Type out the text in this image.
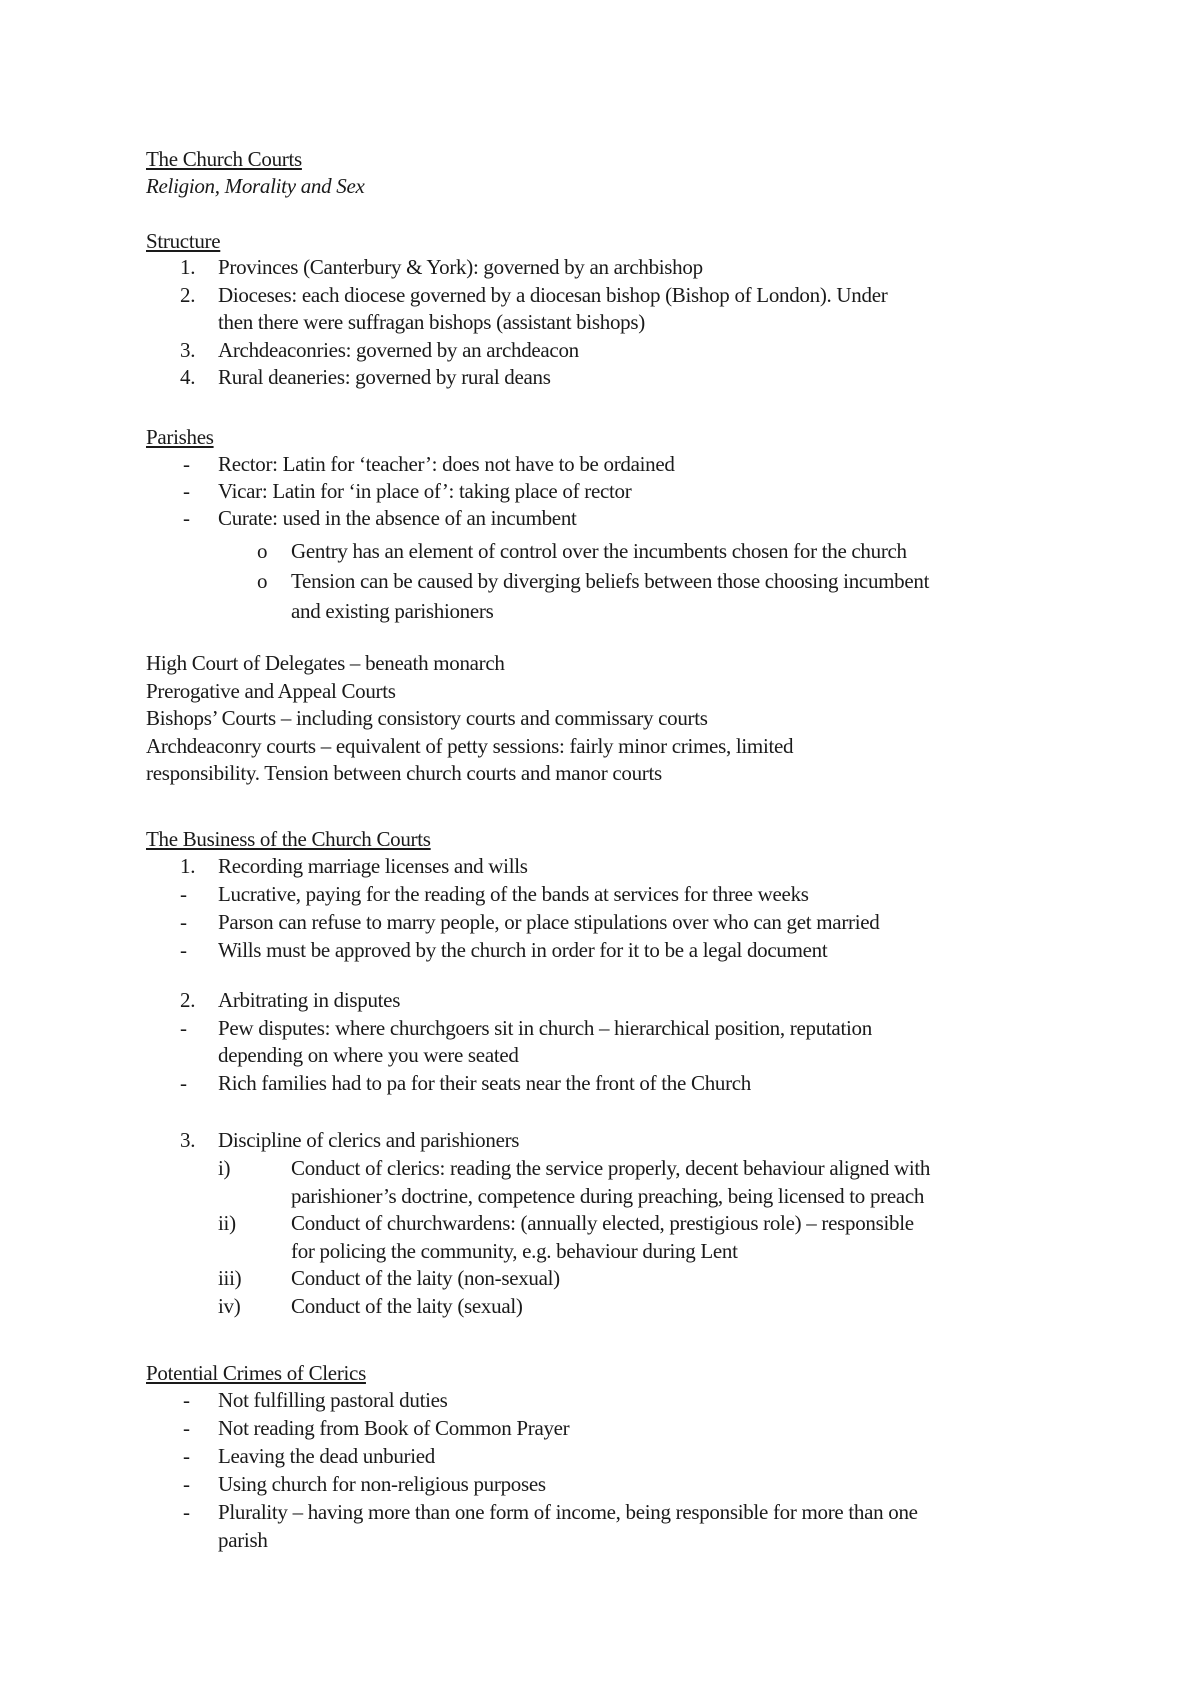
The Church Courts
Religion, Morality and Sex
Structure
1. Provinces (Canterbury & York): governed by an archbishop
2. Dioceses: each diocese governed by a diocesan bishop (Bishop of London). Under
then there were suffragan bishops (assistant bishops)
3. Archdeaconries: governed by an archdeacon
4. Rural deaneries: governed by rural deans
Parishes
- Rector: Latin for ‘teacher’: does not have to be ordained
- Vicar: Latin for ‘in place of’: taking place of rector
- Curate: used in the absence of an incumbent
o Gentry has an element of control over the incumbents chosen for the church
o Tension can be caused by diverging beliefs between those choosing incumbent
and existing parishioners
High Court of Delegates – beneath monarch
Prerogative and Appeal Courts
Bishops’ Courts – including consistory courts and commissary courts
Archdeaconry courts – equivalent of petty sessions: fairly minor crimes, limited
responsibility. Tension between church courts and manor courts
The Business of the Church Courts
1. Recording marriage licenses and wills
- Lucrative, paying for the reading of the bands at services for three weeks
- Parson can refuse to marry people, or place stipulations over who can get married
- Wills must be approved by the church in order for it to be a legal document
2. Arbitrating in disputes
- Pew disputes: where churchgoers sit in church – hierarchical position, reputation
depending on where you were seated
- Rich families had to pa for their seats near the front of the Church
3. Discipline of clerics and parishioners
i)	Conduct of clerics: reading the service properly, decent behaviour aligned with
parishioner’s doctrine, competence during preaching, being licensed to preach
ii)	Conduct of churchwardens: (annually elected, prestigious role) – responsible
for policing the community, e.g. behaviour during Lent
iii) Conduct of the laity (non-sexual)
iv) Conduct of the laity (sexual)
Potential Crimes of Clerics
- Not fulfilling pastoral duties
- Not reading from Book of Common Prayer
- Leaving the dead unburied
- Using church for non-religious purposes
- Plurality – having more than one form of income, being responsible for more than one
parish
